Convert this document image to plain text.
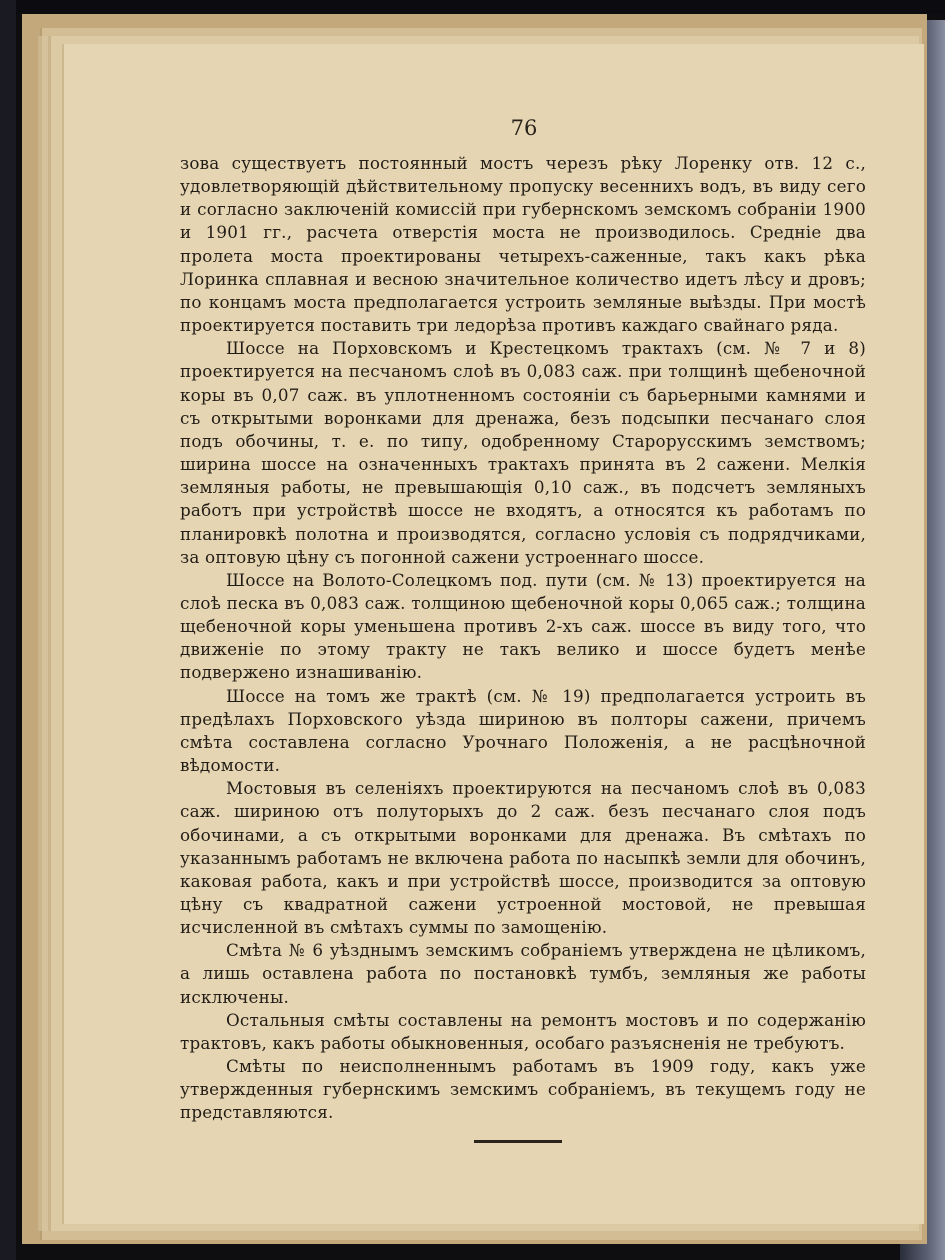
76

зова существуетъ постоянный мостъ черезъ рѣку Лоренку отв. 12 с., удовлетворяющій дѣйствительному пропуску весеннихъ водъ, въ виду сего и согласно заключеній комиссій при губернскомъ земскомъ собраніи 1900 и 1901 гг., расчета отверстія моста не производилось. Средніе два пролета моста проектированы четырехъ-саженные, такъ какъ рѣка Лоринка сплавная и весною значительное количество идетъ лѣсу и дровъ; по концамъ моста предполагается устроить земляные выѣзды. При мостѣ проектируется поставить три ледорѣза противъ каждаго свайнаго ряда.

Шоссе на Порховскомъ и Крестецкомъ трактахъ (см. № 7 и 8) проектируется на песчаномъ слоѣ въ 0,083 саж. при толщинѣ щебеночной коры въ 0,07 саж. въ уплотненномъ состояніи съ барьерными камнями и съ открытыми воронками для дренажа, безъ подсыпки песчанаго слоя подъ обочины, т. е. по типу, одобренному Старорусскимъ земствомъ; ширина шоссе на означенныхъ трактахъ принята въ 2 сажени. Мелкія земляныя работы, не превышающія 0,10 саж., въ подсчетъ земляныхъ работъ при устройствѣ шоссе не входятъ, а относятся къ работамъ по планировкѣ полотна и производятся, согласно условія съ подрядчиками, за оптовую цѣну съ погонной сажени устроеннаго шоссе.

Шоссе на Волото-Солецкомъ под. пути (см. № 13) проектируется на слоѣ песка въ 0,083 саж. толщиною щебеночной коры 0,065 саж.; толщина щебеночной коры уменьшена противъ 2-хъ саж. шоссе въ виду того, что движеніе по этому тракту не такъ велико и шоссе будетъ менѣе подвержено изнашиванію.

Шоссе на томъ же трактѣ (см. № 19) предполагается устроить въ предѣлахъ Порховского уѣзда шириною въ полторы сажени, причемъ смѣта составлена согласно Урочнаго Положенія, а не расцѣночной вѣдомости.

Мостовыя въ селеніяхъ проектируются на песчаномъ слоѣ въ 0,083 саж. шириною отъ полуторыхъ до 2 саж. безъ песчанаго слоя подъ обочинами, а съ открытыми воронками для дренажа. Въ смѣтахъ по указаннымъ работамъ не включена работа по насыпкѣ земли для обочинъ, каковая работа, какъ и при устройствѣ шоссе, производится за оптовую цѣну съ квадратной сажени устроенной мостовой, не превышая исчисленной въ смѣтахъ суммы по замощенію.

Смѣта № 6 уѣзднымъ земскимъ собраніемъ утверждена не цѣликомъ, а лишь оставлена работа по постановкѣ тумбъ, земляныя же работы исключены.

Остальныя смѣты составлены на ремонтъ мостовъ и по содержанію трактовъ, какъ работы обыкновенныя, особаго разъясненія не требуютъ.

Смѣты по неисполненнымъ работамъ въ 1909 году, какъ уже утвержденныя губернскимъ земскимъ собраніемъ, въ текущемъ году не представляются.
